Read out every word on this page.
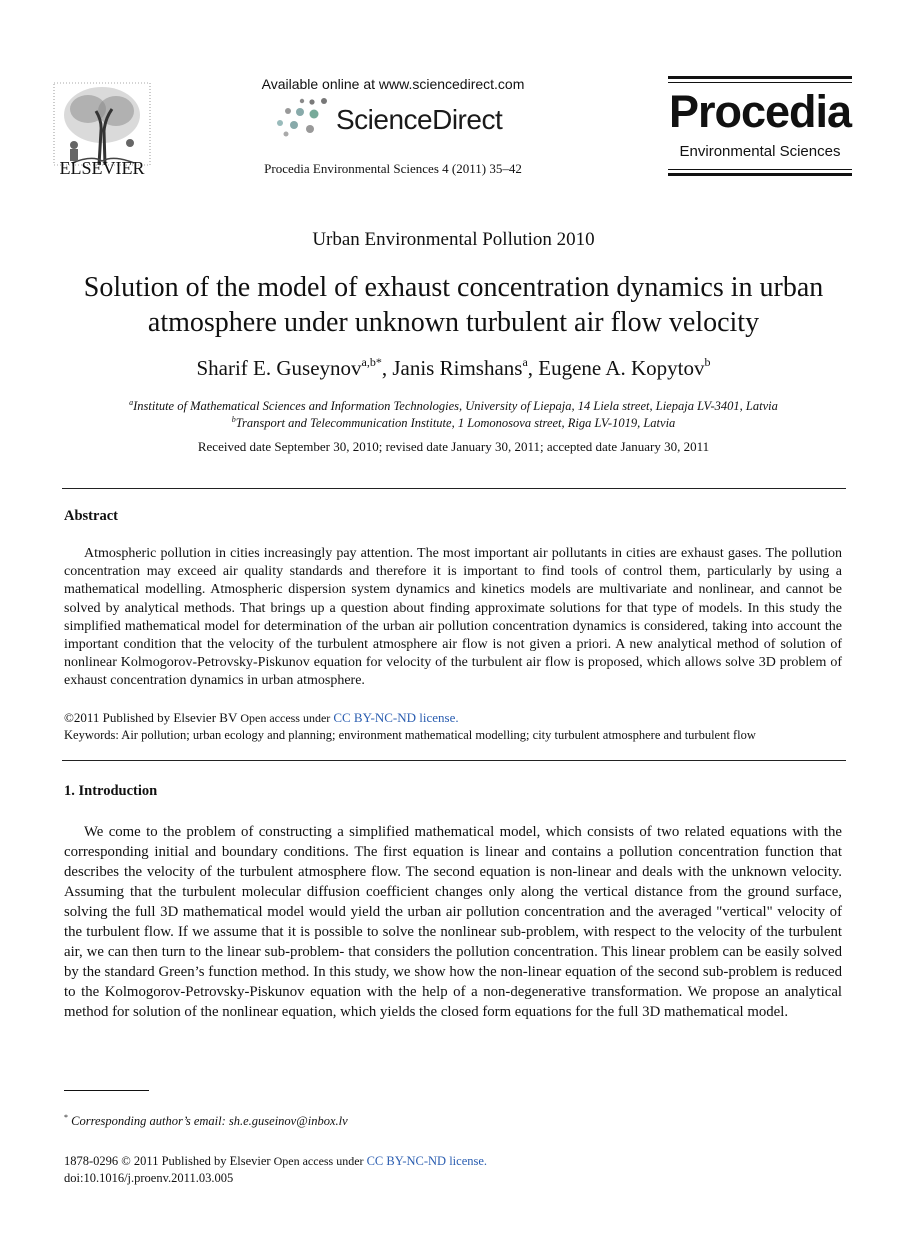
ELSEVIER
Available online at www.sciencedirect.com
ScienceDirect
Procedia Environmental Sciences 4 (2011) 35–42
Procedia
Environmental Sciences
Urban Environmental Pollution 2010
Solution of the model of exhaust concentration dynamics in urban atmosphere under unknown turbulent air flow velocity
Sharif E. Guseynov$^{a,b*}$, Janis Rimshans$^a$, Eugene A. Kopytov$^b$
$^a$Institute of Mathematical Sciences and Information Technologies, University of Liepaja, 14 Liela street, Liepaja LV-3401, Latvia
$^b$Transport and Telecommunication Institute, 1 Lomonosova street, Riga LV-1019, Latvia
Received date September 30, 2010; revised date January 30, 2011; accepted date January 30, 2011
Abstract

Atmospheric pollution in cities increasingly pay attention. The most important air pollutants in cities are exhaust gases. The pollution concentration may exceed air quality standards and therefore it is important to find tools of control them, particularly by using a mathematical modelling. Atmospheric dispersion system dynamics and kinetics models are multivariate and nonlinear, and cannot be solved by analytical methods. That brings up a question about finding approximate solutions for that type of models. In this study the simplified mathematical model for determination of the urban air pollution concentration dynamics is considered, taking into account the important condition that the velocity of the turbulent atmosphere air flow is not given a priori. A new analytical method of solution of nonlinear Kolmogorov-Petrovsky-Piskunov equation for velocity of the turbulent air flow is proposed, which allows solve 3D problem of exhaust concentration dynamics in urban atmosphere.

©2011 Published by Elsevier BV Open access under CC BY-NC-ND license.
Keywords: Air pollution; urban ecology and planning; environment mathematical modelling; city turbulent atmosphere and turbulent flow
1. Introduction

We come to the problem of constructing a simplified mathematical model, which consists of two related equations with the corresponding initial and boundary conditions. The first equation is linear and contains a pollution concentration function that describes the velocity of the turbulent atmosphere flow. The second equation is non-linear and deals with the unknown velocity. Assuming that the turbulent molecular diffusion coefficient changes only along the vertical distance from the ground surface, solving the full 3D mathematical model would yield the urban air pollution concentration and the averaged "vertical" velocity of the turbulent flow. If we assume that it is possible to solve the nonlinear sub-problem, with respect to the velocity of the turbulent air, we can then turn to the linear sub-problem- that considers the pollution concentration. This linear problem can be easily solved by the standard Green’s function method. In this study, we show how the non-linear equation of the second sub-problem is reduced to the Kolmogorov-Petrovsky-Piskunov equation with the help of a non-degenerative transformation. We propose an analytical method for solution of the nonlinear equation, which yields the closed form equations for the full 3D mathematical model.

* Corresponding author’s email: sh.e.guseinov@inbox.lv
1878-0296 © 2011 Published by Elsevier Open access under CC BY-NC-ND license.
doi:10.1016/j.proenv.2011.03.005
